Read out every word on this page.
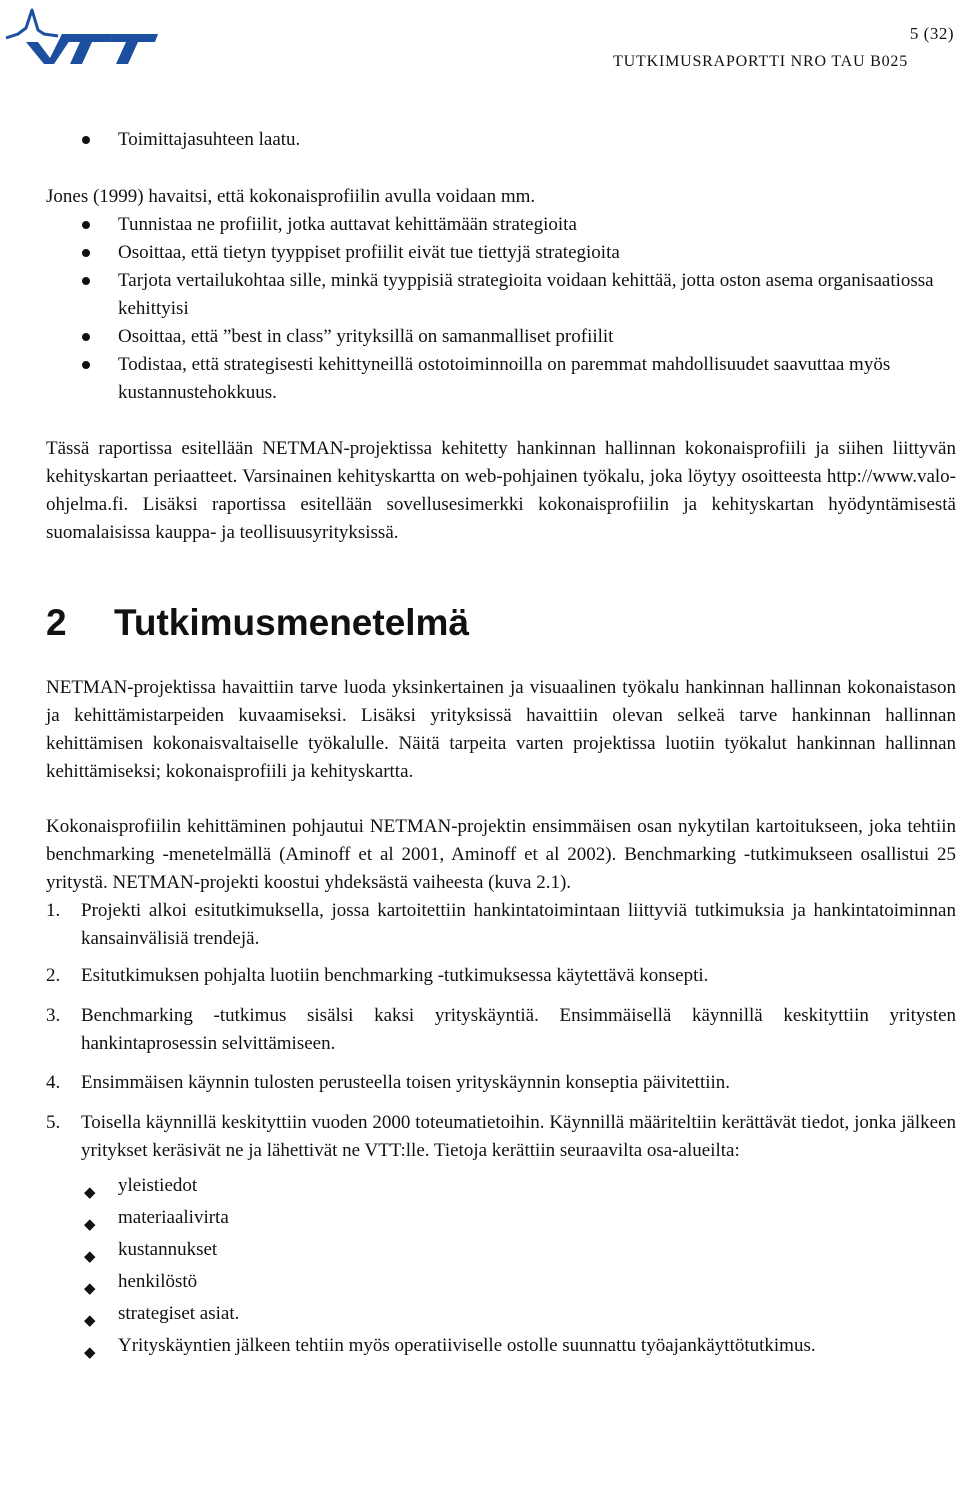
5 (32)
TUTKIMUSRAPORTTI NRO TAU B025
Toimittajasuhteen laatu.

Jones (1999) havaitsi, että kokonaisprofiilin avulla voidaan mm.

Tunnistaa ne profiilit, jotka auttavat kehittämään strategioita
Osoittaa, että tietyn tyyppiset profiilit eivät tue tiettyjä strategioita
Tarjota vertailukohtaa sille, minkä tyyppisiä strategioita voidaan kehittää, jotta oston asema organisaatiossa kehittyisi
Osoittaa, että ”best in class” yrityksillä on samanmalliset profiilit
Todistaa, että strategisesti kehittyneillä ostotoiminnoilla on paremmat mahdollisuudet saavuttaa myös kustannustehokkuus.

Tässä raportissa esitellään NETMAN-projektissa kehitetty hankinnan hallinnan kokonaisprofiili ja siihen liittyvän kehityskartan periaatteet. Varsinainen kehityskartta on web-pohjainen työkalu, joka löytyy osoitteesta http://www.valo-ohjelma.fi. Lisäksi raportissa esitellään sovellusesimerkki kokonaisprofiilin ja kehityskartan hyödyntämisestä suomalaisissa kauppa- ja teollisuusyrityksissä.

2	Tutkimusmenetelmä

NETMAN-projektissa havaittiin tarve luoda yksinkertainen ja visuaalinen työkalu hankinnan hallinnan kokonaistason ja kehittämistarpeiden kuvaamiseksi. Lisäksi yrityksissä havaittiin olevan selkeä tarve hankinnan hallinnan kehittämisen kokonaisvaltaiselle työkalulle. Näitä tarpeita varten projektissa luotiin työkalut hankinnan hallinnan kehittämiseksi; kokonaisprofiili ja kehityskartta.

Kokonaisprofiilin kehittäminen pohjautui NETMAN-projektin ensimmäisen osan nykytilan kartoitukseen, joka tehtiin benchmarking -menetelmällä (Aminoff et al 2001, Aminoff et al 2002). Benchmarking -tutkimukseen osallistui 25 yritystä. NETMAN-projekti koostui yhdeksästä vaiheesta (kuva 2.1).

1. Projekti alkoi esitutkimuksella, jossa kartoitettiin hankintatoimintaan liittyviä tutkimuksia ja hankintatoiminnan kansainvälisiä trendejä.
2. Esitutkimuksen pohjalta luotiin benchmarking -tutkimuksessa käytettävä konsepti.
3. Benchmarking -tutkimus sisälsi kaksi yrityskäyntiä. Ensimmäisellä käynnillä keskityttiin yritysten hankintaprosessin selvittämiseen.
4. Ensimmäisen käynnin tulosten perusteella toisen yrityskäynnin konseptia päivitettiin.
5. Toisella käynnillä keskityttiin vuoden 2000 toteumatietoihin. Käynnillä määriteltiin kerättävät tiedot, jonka jälkeen yritykset keräsivät ne ja lähettivät ne VTT:lle. Tietoja kerättiin seuraavilta osa-alueilta:
◆ yleistiedot
◆ materiaalivirta
◆ kustannukset
◆ henkilöstö
◆ strategiset asiat.
◆ Yrityskäyntien jälkeen tehtiin myös operatiiviselle ostolle suunnattu työajankäyttötutkimus.
